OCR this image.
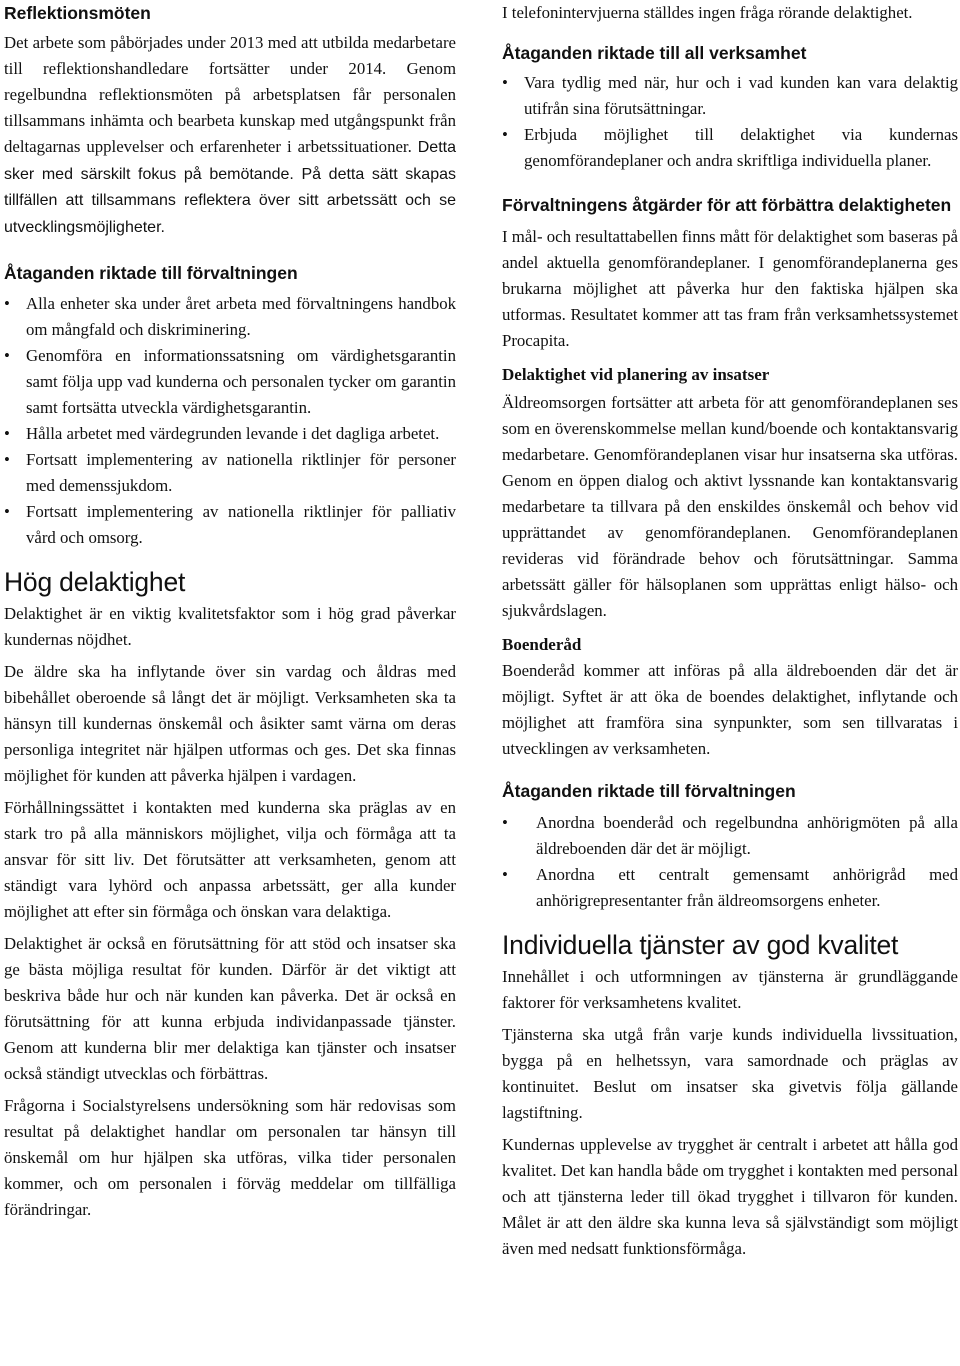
Reflektionsmöten

Det arbete som påbörjades under 2013 med att utbilda medarbetare till reflektionshandledare fortsätter under 2014. Genom regelbundna reflektionsmöten på arbetsplatsen får personalen tillsammans inhämta och bearbeta kunskap med utgångspunkt från deltagarnas upplevelser och erfarenheter i arbetssituationer. Detta sker med särskilt fokus på bemötande. På detta sätt skapas tillfällen att tillsammans reflektera över sitt arbetssätt och se utvecklingsmöjligheter.

Åtaganden riktade till förvaltningen
• Alla enheter ska under året arbeta med förvaltningens handbok om mångfald och diskriminering.
• Genomföra en informationssatsning om värdighetsgarantin samt följa upp vad kunderna och personalen tycker om garantin samt fortsätta utveckla värdighetsgarantin.
• Hålla arbetet med värdegrunden levande i det dagliga arbetet.
• Fortsatt implementering av nationella riktlinjer för personer med demenssjukdom.
• Fortsatt implementering av nationella riktlinjer för palliativ vård och omsorg.
Hög delaktighet

Delaktighet är en viktig kvalitetsfaktor som i hög grad påverkar kundernas nöjdhet.

De äldre ska ha inflytande över sin vardag och åldras med bibehållet oberoende så långt det är möjligt. Verksamheten ska ta hänsyn till kundernas önskemål och åsikter samt värna om deras personliga integritet när hjälpen utformas och ges. Det ska finnas möjlighet för kunden att påverka hjälpen i vardagen.

Förhållningssättet i kontakten med kunderna ska präglas av en stark tro på alla människors möjlighet, vilja och förmåga att ta ansvar för sitt liv. Det förutsätter att verksamheten, genom att ständigt vara lyhörd och anpassa arbetssätt, ger alla kunder möjlighet att efter sin förmåga och önskan vara delaktiga.

Delaktighet är också en förutsättning för att stöd och insatser ska ge bästa möjliga resultat för kunden. Därför är det viktigt att beskriva både hur och när kunden kan påverka. Det är också en förutsättning för att kunna erbjuda individanpassade tjänster. Genom att kunderna blir mer delaktiga kan tjänster och insatser också ständigt utvecklas och förbättras.

Frågorna i Socialstyrelsens undersökning som här redovisas som resultat på delaktighet handlar om personalen tar hänsyn till önskemål om hur hjälpen ska utföras, vilka tider personalen kommer, och om personalen i förväg meddelar om tillfälliga förändringar.

I telefonintervjuerna ställdes ingen fråga rörande delaktighet.

Åtaganden riktade till all verksamhet
• Vara tydlig med när, hur och i vad kunden kan vara delaktig utifrån sina förutsättningar.
• Erbjuda möjlighet till delaktighet via kundernas genomförandeplaner och andra skriftliga individuella planer.
Förvaltningens åtgärder för att förbättra delaktigheten

I mål- och resultattabellen finns mått för delaktighet som baseras på andel aktuella genomförandeplaner. I genomförandeplanerna ges brukarna möjlighet att påverka hur den faktiska hjälpen ska utformas. Resultatet kommer att tas fram från verksamhetssystemet Procapita.

Delaktighet vid planering av insatser

Äldreomsorgen fortsätter att arbeta för att genomförandeplanen ses som en överenskommelse mellan kund/boende och kontaktansvarig medarbetare. Genomförandeplanen visar hur insatserna ska utföras. Genom en öppen dialog och aktivt lyssnande kan kontaktansvarig medarbetare ta tillvara på den enskildes önskemål och behov vid upprättandet av genomförandeplanen. Genomförandeplanen revideras vid förändrade behov och förutsättningar. Samma arbetssätt gäller för hälsoplanen som upprättas enligt hälso- och sjukvårdslagen.

Boenderåd

Boenderåd kommer att införas på alla äldreboenden där det är möjligt. Syftet är att öka de boendes delaktighet, inflytande och möjlighet att framföra sina synpunkter, som sen tillvaratas i utvecklingen av verksamheten.

Åtaganden riktade till förvaltningen
• Anordna boenderåd och regelbundna anhörigmöten på alla äldreboenden där det är möjligt.
• Anordna ett centralt gemensamt anhörigråd med anhörigrepresentanter från äldreomsorgens enheter.
Individuella tjänster av god kvalitet

Innehållet i och utformningen av tjänsterna är grundläggande faktorer för verksamhetens kvalitet.

Tjänsterna ska utgå från varje kunds individuella livssituation, bygga på en helhetssyn, vara samordnade och präglas av kontinuitet. Beslut om insatser ska givetvis följa gällande lagstiftning.

Kundernas upplevelse av trygghet är centralt i arbetet att hålla god kvalitet. Det kan handla både om trygghet i kontakten med personal och att tjänsterna leder till ökad trygghet i tillvaron för kunden. Målet är att den äldre ska kunna leva så självständigt som möjligt även med nedsatt funktionsförmåga.
